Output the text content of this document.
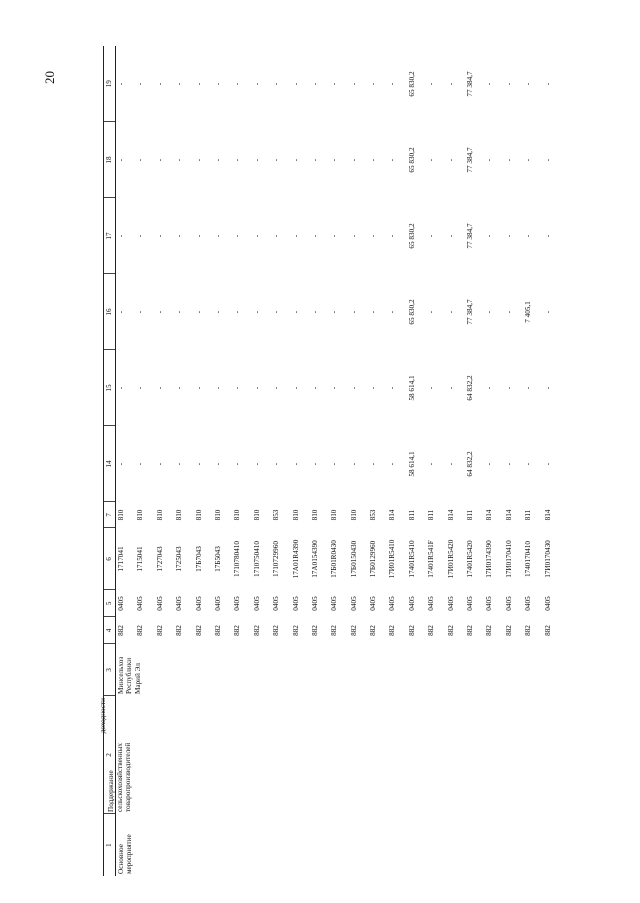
20
1	2	3	4	5	6	7	14	15	16	17	18	19
Основное мероприятие	доходности
Поддержание сельскохозяйственных товаропроизводителей	Минсельхоз Республики Марий Эл	882	0405	1717041	810	-	-	-	-	-	-
			882	0405	1715041	810	-	-	-	-	-	-
			882	0405	1727043	810	-	-	-	-	-	-
			882	0405	1725043	810	-	-	-	-	-	-
			882	0405	17Б7043	810	-	-	-	-	-	-
			882	0405	17Б5043	810	-	-	-	-	-	-
			882	0405	1710780410	810	-	-	-	-	-	-
			882	0405	1710750410	810	-	-	-	-	-	-
			882	0405	1710729960	853	-	-	-	-	-	-
			882	0405	17А01R4390	810	-	-	-	-	-	-
			882	0405	17А0154390	810	-	-	-	-	-	-
			882	0405	17Б01R0430	810	-	-	-	-	-	-
			882	0405	17Б0150430	810	-	-	-	-	-	-
			882	0405	17Б0129960	853	-	-	-	-	-	-
			882	0405	17И01R5410	814	-	-	-	-	-	-
			882	0405	17401R5410	811	58 614,1	58 614,1	65 830,2	65 830,2	65 830,2	65 830,2
			882	0405	17401R541F	811	-	-	-	-	-	-
			882	0405	17И01R5420	814	-	-	-	-	-	-
			882	0405	17401R5420	811	64 832,2	64 832,2	77 384,7	77 384,7	77 384,7	77 384,7
			882	0405	17И0174390	814	-	-	-	-	-	-
			882	0405	17И0170410	814	-	-	-	-	-	-
			882	0405	1740170410	811	-	-	7 405,1	-	-	-
			882	0405	17И0170430	814	-	-	-	-	-	-
